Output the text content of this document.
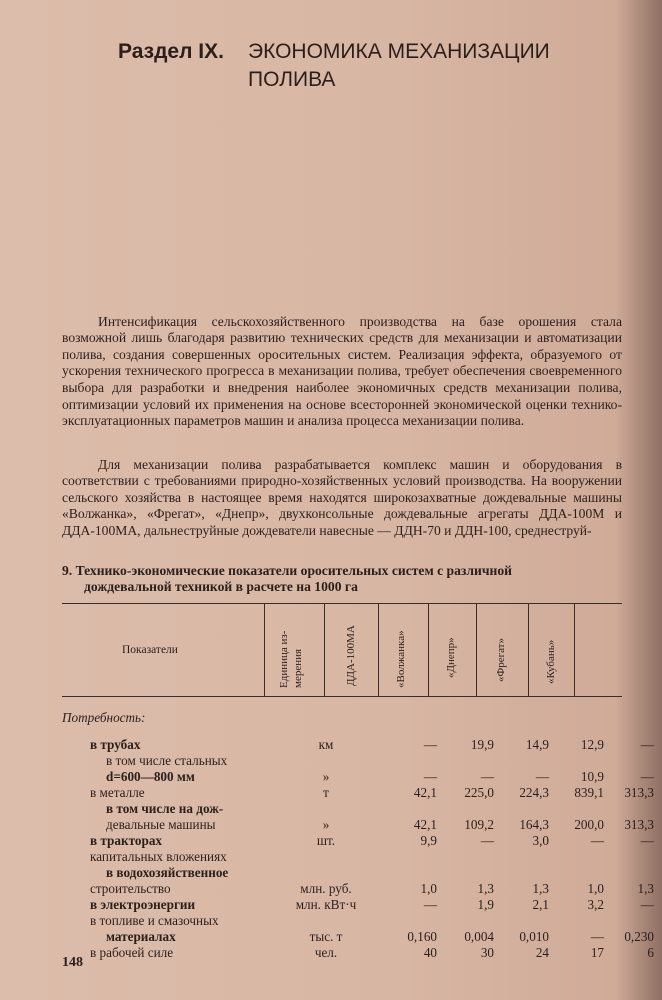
Раздел IX. ЭКОНОМИКА МЕХАНИЗАЦИИ
ПОЛИВА

Интенсификация сельскохозяйственного производства на базе орошения стала возможной лишь благодаря развитию технических средств для механизации и автоматизации полива, создания совершенных оросительных систем. Реализация эффекта, образуемого от ускорения технического прогресса в механизации полива, требует обеспечения своевременного выбора для разработки и внедрения наиболее экономичных средств механизации полива, оптимизации условий их применения на основе всесторонней экономической оценки технико-эксплуатационных параметров машин и анализа процесса механизации полива.

Для механизации полива разрабатывается комплекс машин и оборудования в соответствии с требованиями природно-хозяйственных условий производства. На вооружении сельского хозяйства в настоящее время находятся широкозахватные дождевальные машины «Волжанка», «Фрегат», «Днепр», двухконсольные дождевальные агрегаты ДДА-100М и ДДА-100МА, дальнеструйные дождеватели навесные — ДДН-70 и ДДН-100, среднеструй-

9. Технико-экономические показатели оросительных систем с различной
дождевальной техникой в расчете на 1000 га
Показатели	Единица из- мерения	ДДА-100МА	«Волжанка»	«Днепр»	«Фрегат»	«Кубань»
Потребность:
в трубах	км	—	19,9	14,9	12,9	—
в том числе стальных
d=600—800 мм	»	—	—	—	10,9	—
в металле	т	42,1	225,0	224,3	839,1	313,3
в том числе на дож-
девальные машины	»	42,1	109,2	164,3	200,0	313,3
в тракторах	шт.	9,9	—	3,0	—	—
капитальных вложениях
в водохозяйственное
строительство	млн. руб.	1,0	1,3	1,3	1,0	1,3
в электроэнергии	млн. кВт·ч	—	1,9	2,1	3,2	—
в топливе и смазочных
материалах	тыс. т	0,160	0,004	0,010	—	0,230
в рабочей силе	чел.	40	30	24	17	6
148
